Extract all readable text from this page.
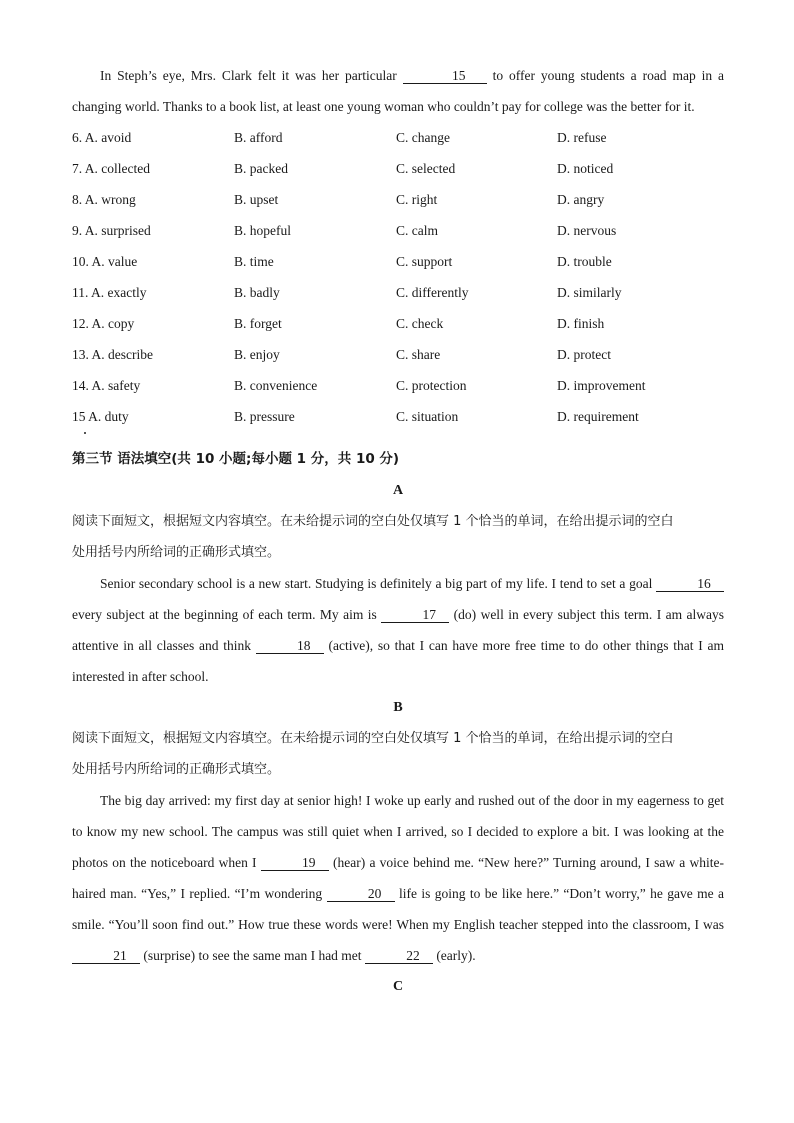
In Steph’s eye, Mrs. Clark felt it was her particular	15 to offer young students a road map in a changing world. Thanks to a book list, at least one young woman who couldn’t pay for college was the better for it.

6. A. avoid	B. afford	C. change	D. refuse
7. A. collected	B. packed	C. selected	D. noticed
8. A. wrong	B. upset	C. right	D. angry
9. A. surprised	B. hopeful	C. calm	D. nervous
10. A. value	B. time	C. support	D. trouble
11. A. exactly	B. badly	C. differently	D. similarly
12. A. copy	B. forget	C. check	D. finish
13. A. describe	B. enjoy	C. share	D. protect
14. A. safety	B. convenience	C. protection	D. improvement
15 A. duty	B. pressure	C. situation	D. requirement

第三节 语法填空(共 10 小题;每小题 1 分，共 10 分)

A

阅读下面短文，根据短文内容填空。在未给提示词的空白处仅填写 1 个恰当的单词，在给出提示词的空白

处用括号内所给词的正确形式填空。

Senior secondary school is a new start. Studying is definitely a big part of my life. I tend to set a goal	16 every subject at the beginning of each term. My aim is	17 (do) well in every subject this term. I am always attentive in all classes and think	18 (active), so that I can have more free time to do other things that I am interested in after school.

B

阅读下面短文，根据短文内容填空。在未给提示词的空白处仅填写 1 个恰当的单词，在给出提示词的空白

处用括号内所给词的正确形式填空。

The big day arrived: my first day at senior high! I woke up early and rushed out of the door in my eagerness to get to know my new school. The campus was still quiet when I arrived, so I decided to explore a bit. I was looking at the photos on the noticeboard when I	19 (hear) a voice behind me. “New here?” Turning around, I saw a white-haired man. “Yes,” I replied. “I’m wondering	20 life is going to be like here.” “Don’t worry,” he gave me a smile. “You’ll soon find out.” How true these words were! When my English teacher stepped into the classroom, I was 21 (surprise) to see the same man I had met	22 (early).

C
